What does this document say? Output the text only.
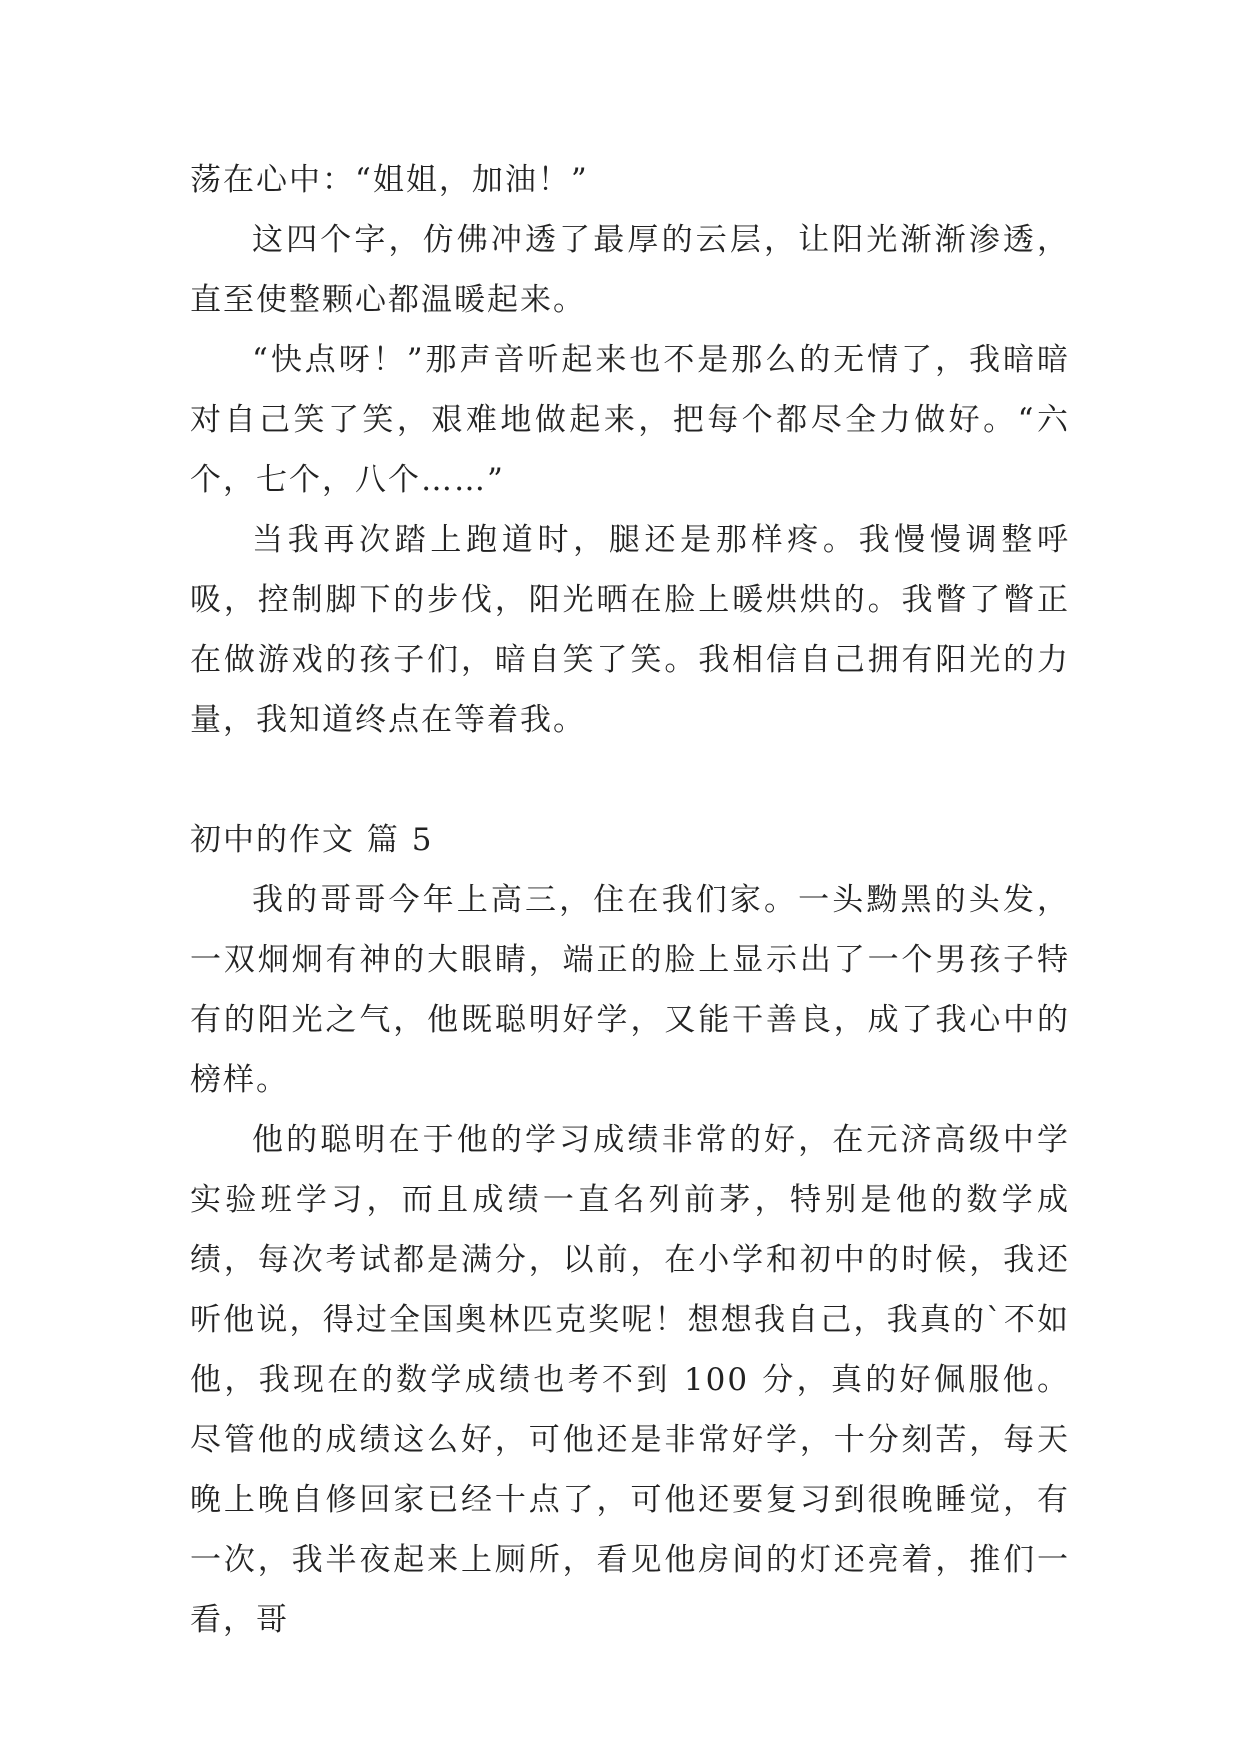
荡在心中：“姐姐，加油！”

这四个字，仿佛冲透了最厚的云层，让阳光渐渐渗透，直至使整颗心都温暖起来。

“快点呀！”那声音听起来也不是那么的无情了，我暗暗对自己笑了笑，艰难地做起来，把每个都尽全力做好。“六个，七个，八个……”

当我再次踏上跑道时，腿还是那样疼。我慢慢调整呼吸，控制脚下的步伐，阳光晒在脸上暖烘烘的。我瞥了瞥正在做游戏的孩子们，暗自笑了笑。我相信自己拥有阳光的力量，我知道终点在等着我。

初中的作文 篇 5

我的哥哥今年上高三，住在我们家。一头黝黑的头发，一双炯炯有神的大眼睛，端正的脸上显示出了一个男孩子特有的阳光之气，他既聪明好学，又能干善良，成了我心中的榜样。

他的聪明在于他的学习成绩非常的好，在元济高级中学实验班学习，而且成绩一直名列前茅，特别是他的数学成绩，每次考试都是满分，以前，在小学和初中的时候，我还听他说，得过全国奥林匹克奖呢！想想我自己，我真的`不如他，我现在的数学成绩也考不到 100 分，真的好佩服他。尽管他的成绩这么好，可他还是非常好学，十分刻苦，每天晚上晚自修回家已经十点了，可他还要复习到很晚睡觉，有一次，我半夜起来上厕所，看见他房间的灯还亮着，推们一看，哥
